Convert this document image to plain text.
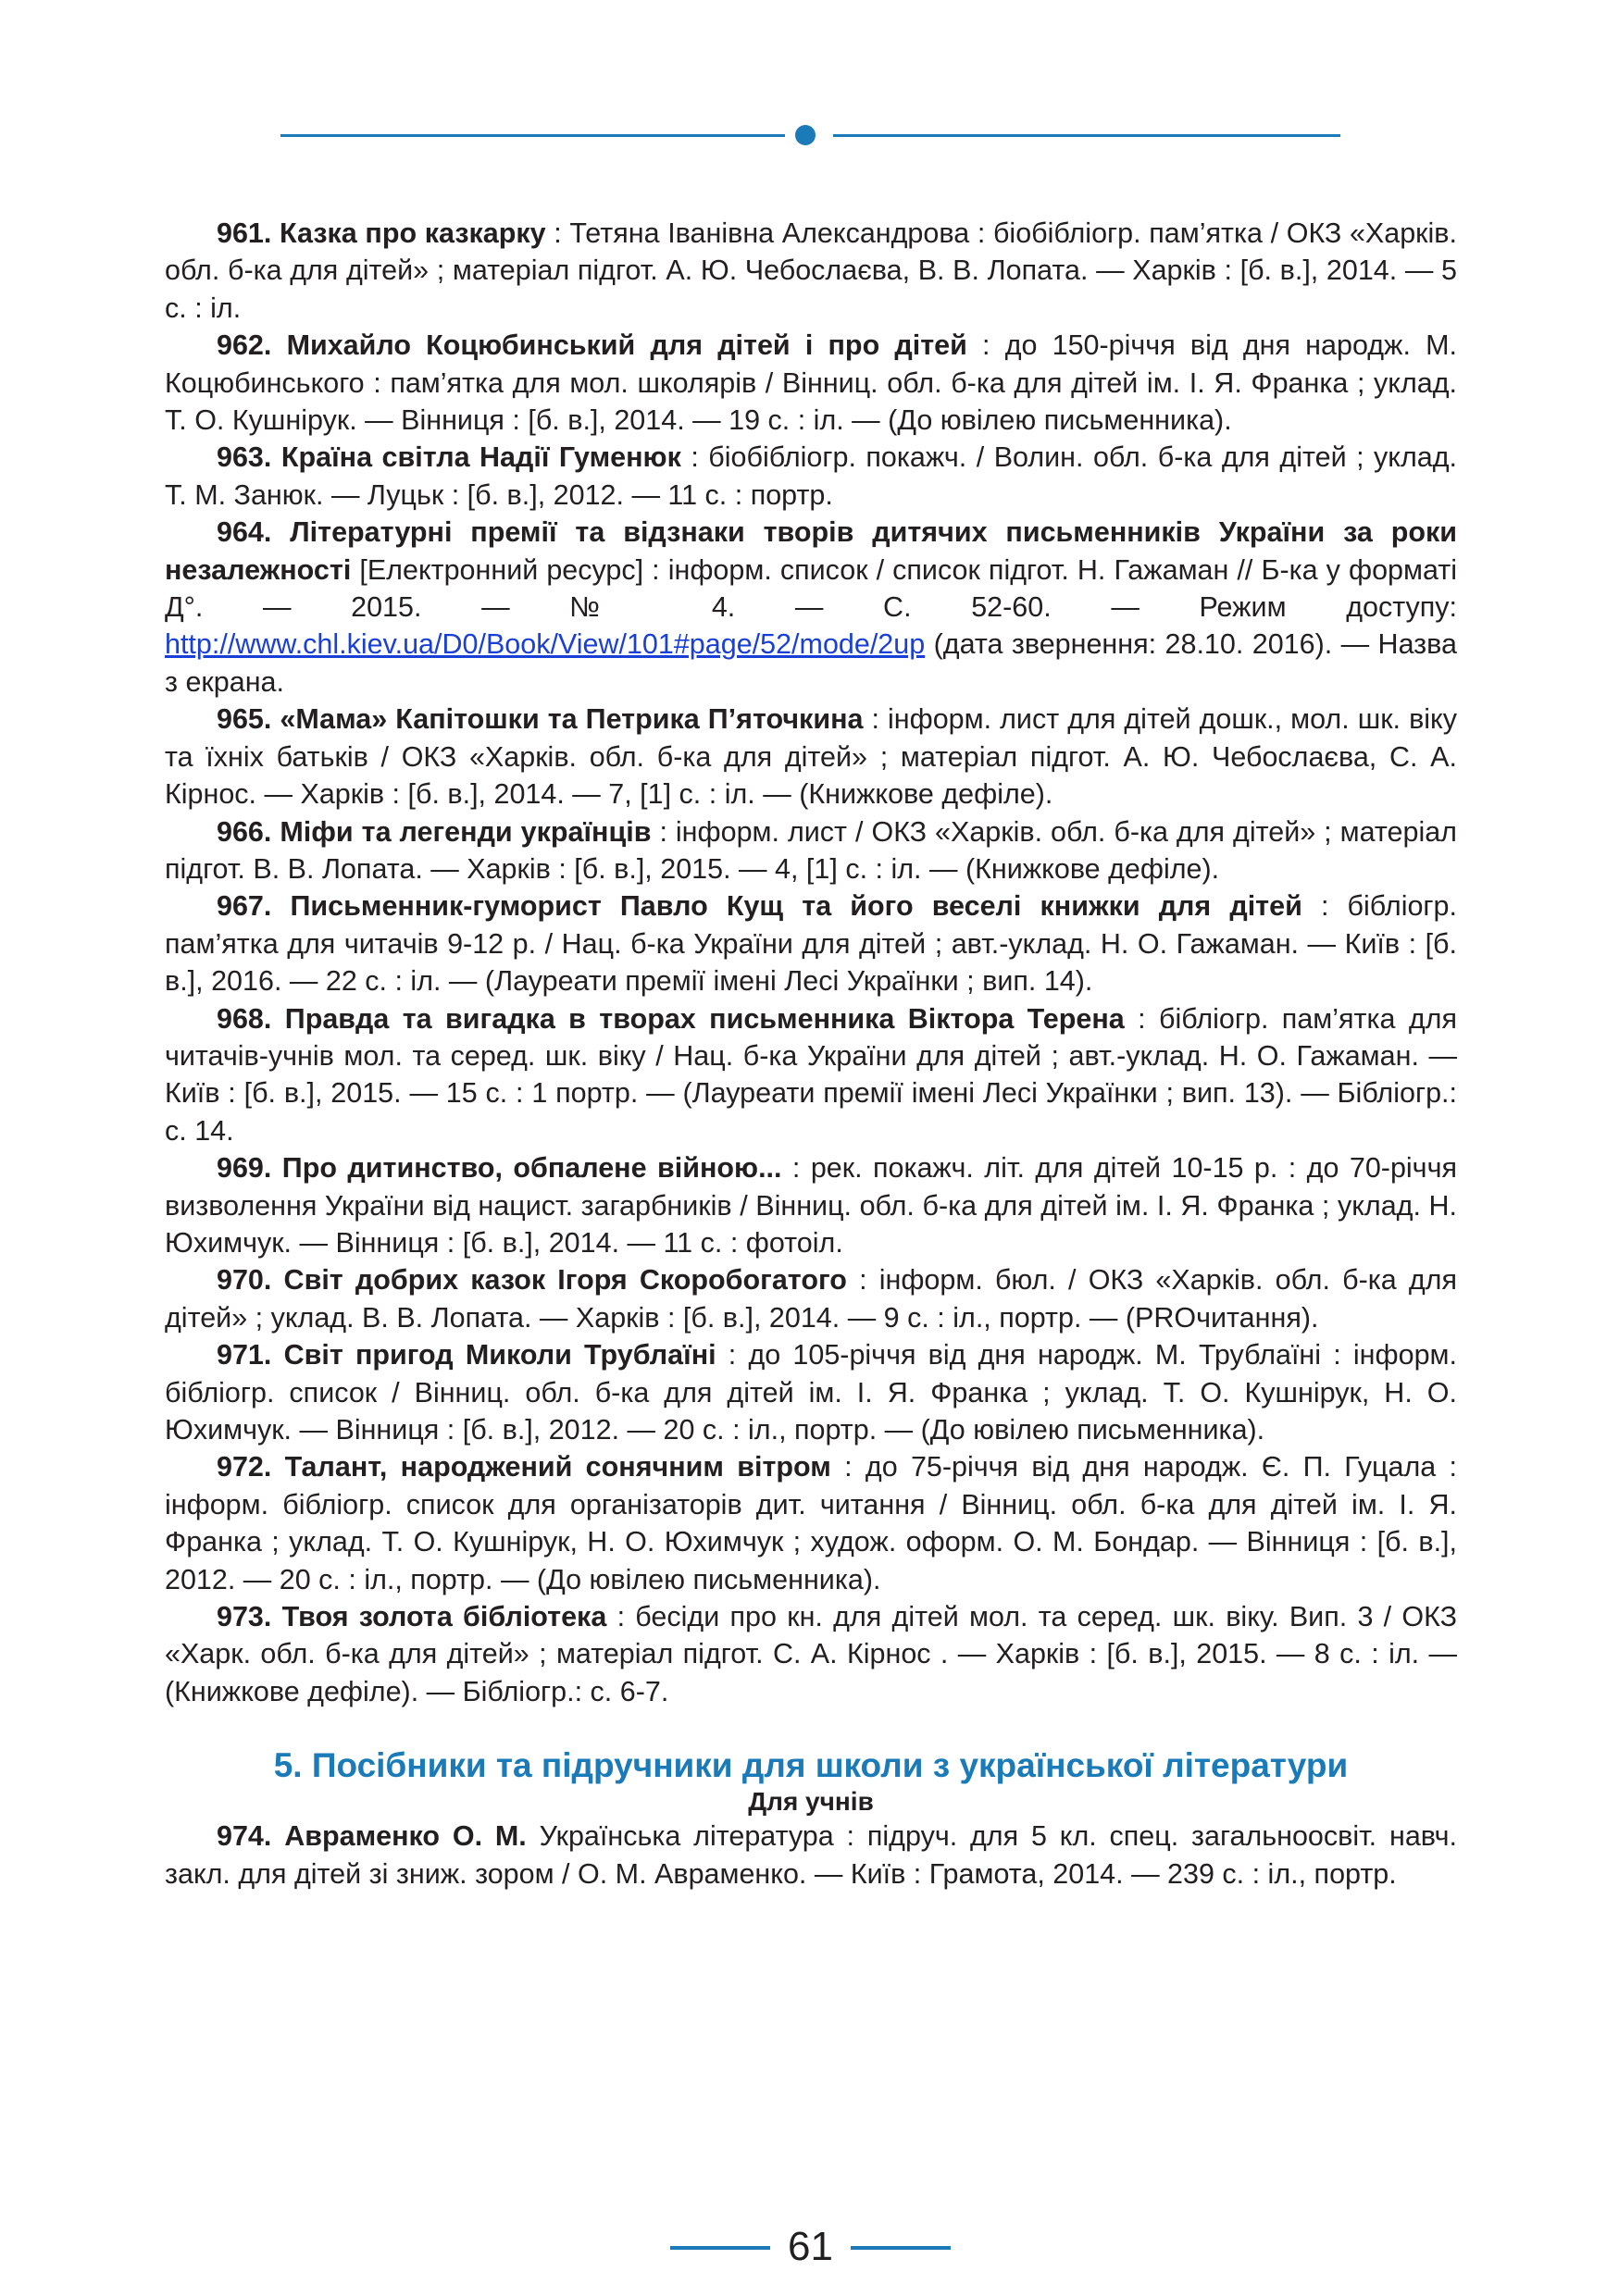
961. Казка про казкарку : Тетяна Іванівна Александрова : біобібліогр. пам’ятка / ОКЗ «Харків. обл. б-ка для дітей» ; матеріал підгот. А. Ю. Чебослаєва, В. В. Лопата. — Харків : [б. в.], 2014. — 5 с. : іл.

962. Михайло Коцюбинський для дітей і про дітей : до 150-річчя від дня народж. М. Коцюбинського : пам’ятка для мол. школярів / Вінниц. обл. б-ка для дітей ім. І. Я. Франка ; уклад. Т. О. Кушнірук. — Вінниця : [б. в.], 2014. — 19 с. : іл. — (До ювілею письменника).

963. Країна світла Надії Гуменюк : біобібліогр. покажч. / Волин. обл. б-ка для дітей ; уклад. Т. М. Занюк. — Луцьк : [б. в.], 2012. — 11 с. : портр.

964. Літературні премії та відзнаки творів дитячих письменників України за роки незалежності [Електронний ресурс] : інформ. список / список підгот. Н. Гажаман // Б-ка у форматі Д°. — 2015. — № 4. — С. 52-60. — Режим доступу: http://www.chl.kiev.ua/D0/Book/View/101#page/52/mode/2up (дата звернення: 28.10. 2016). — Назва з екрана.

965. «Мама» Капітошки та Петрика П’яточкина : інформ. лист для дітей дошк., мол. шк. віку та їхніх батьків / ОКЗ «Харків. обл. б-ка для дітей» ; матеріал підгот. А. Ю. Чебослаєва, С. А. Кірнос. — Харків : [б. в.], 2014. — 7, [1] с. : іл. — (Книжкове дефіле).

966. Міфи та легенди українців : інформ. лист / ОКЗ «Харків. обл. б-ка для дітей» ; матеріал підгот. В. В. Лопата. — Харків : [б. в.], 2015. — 4, [1] с. : іл. — (Книжкове дефіле).

967. Письменник-гуморист Павло Кущ та його веселі книжки для дітей : бібліогр. пам’ятка для читачів 9-12 р. / Нац. б-ка України для дітей ; авт.-уклад. Н. О. Гажаман. — Київ : [б. в.], 2016. — 22 с. : іл. — (Лауреати премії імені Лесі Українки ; вип. 14).

968. Правда та вигадка в творах письменника Віктора Терена : бібліогр. пам’ятка для читачів-учнів мол. та серед. шк. віку / Нац. б-ка України для дітей ; авт.-уклад. Н. О. Гажаман. — Київ : [б. в.], 2015. — 15 с. : 1 портр. — (Лауреати премії імені Лесі Українки ; вип. 13). — Бібліогр.: с. 14.

969. Про дитинство, обпалене війною... : рек. покажч. літ. для дітей 10-15 р. : до 70-річчя визволення України від нацист. загарбників / Вінниц. обл. б-ка для дітей ім. І. Я. Франка ; уклад. Н. Юхимчук. — Вінниця : [б. в.], 2014. — 11 с. : фотоіл.

970. Світ добрих казок Ігоря Скоробогатого : інформ. бюл. / ОКЗ «Харків. обл. б-ка для дітей» ; уклад. В. В. Лопата. — Харків : [б. в.], 2014. — 9 с. : іл., портр. — (PROчитання).

971. Світ пригод Миколи Трублаїні : до 105-річчя від дня народж. М. Трублаїні : інформ. бібліогр. список / Вінниц. обл. б-ка для дітей ім. І. Я. Франка ; уклад. Т. О. Кушнірук, Н. О. Юхимчук. — Вінниця : [б. в.], 2012. — 20 с. : іл., портр. — (До ювілею письменника).

972. Талант, народжений сонячним вітром : до 75-річчя від дня народж. Є. П. Гуцала : інформ. бібліогр. список для організаторів дит. читання / Вінниц. обл. б-ка для дітей ім. І. Я. Франка ; уклад. Т. О. Кушнірук, Н. О. Юхимчук ; худож. оформ. О. М. Бондар. — Вінниця : [б. в.], 2012. — 20 с. : іл., портр. — (До ювілею письменника).

973. Твоя золота бібліотека : бесіди про кн. для дітей мол. та серед. шк. віку. Вип. 3 / ОКЗ «Харк. обл. б-ка для дітей» ; матеріал підгот. С. А. Кірнос . — Харків : [б. в.], 2015. — 8 с. : іл. — (Книжкове дефіле). — Бібліогр.: с. 6-7.

5. Посібники та підручники для школи з української літератури
Для учнів

974. Авраменко О. М. Українська література : підруч. для 5 кл. спец. загальноосвіт. навч. закл. для дітей зі зниж. зором / О. М. Авраменко. — Київ : Грамота, 2014. — 239 с. : іл., портр.

61
